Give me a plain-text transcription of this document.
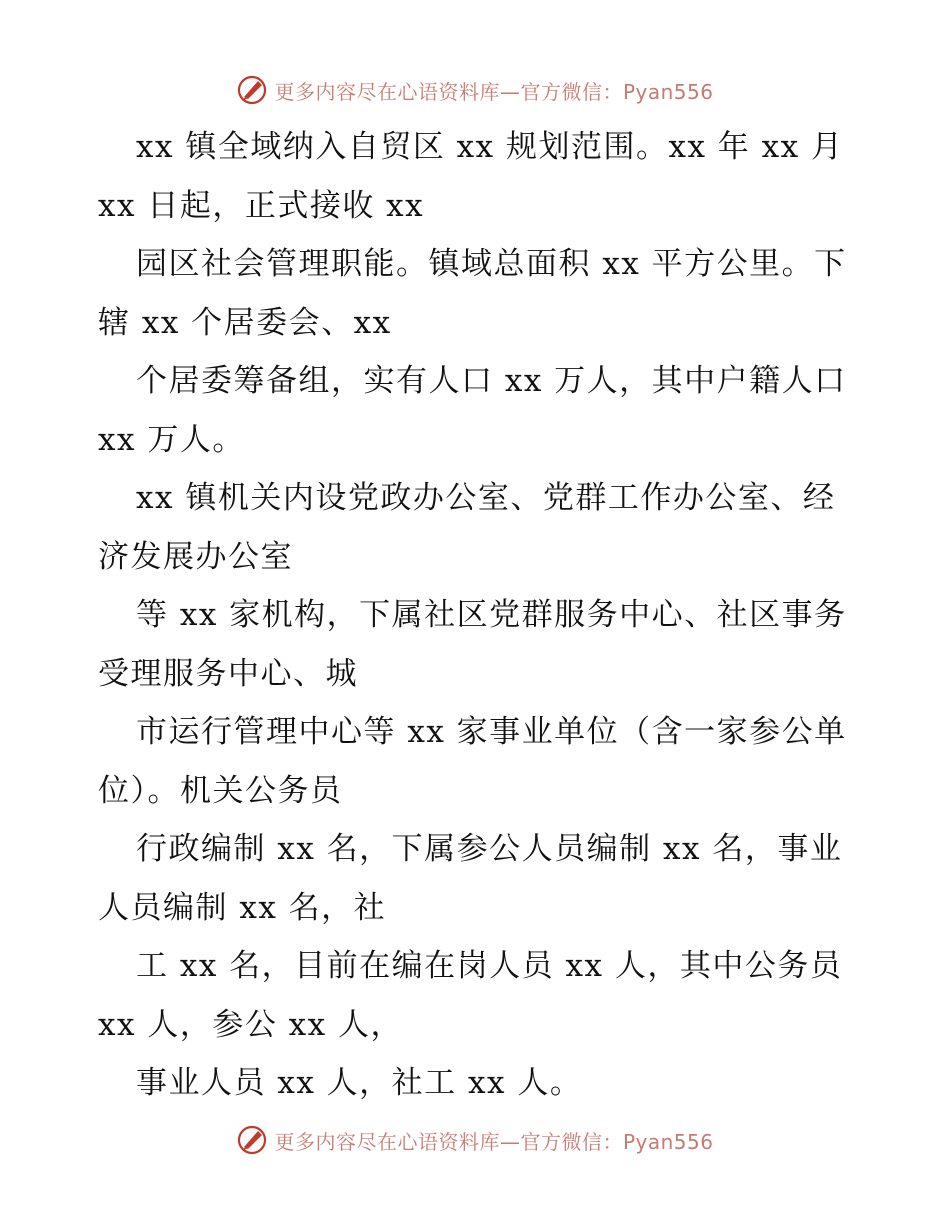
更多内容尽在心语资料库—官方微信：Pyan556

xx 镇全域纳入自贸区 xx 规划范围。xx 年 xx 月 xx 日起，正式接收 xx

园区社会管理职能。镇域总面积 xx 平方公里。下辖 xx 个居委会、xx

个居委筹备组，实有人口 xx 万人，其中户籍人口 xx 万人。

xx 镇机关内设党政办公室、党群工作办公室、经济发展办公室

等 xx 家机构，下属社区党群服务中心、社区事务受理服务中心、城

市运行管理中心等 xx 家事业单位（含一家参公单位）。机关公务员

行政编制 xx 名，下属参公人员编制 xx 名，事业人员编制 xx 名，社

工 xx 名，目前在编在岗人员 xx 人，其中公务员 xx 人，参公 xx 人，

事业人员 xx 人，社工 xx 人。

更多内容尽在心语资料库—官方微信：Pyan556
